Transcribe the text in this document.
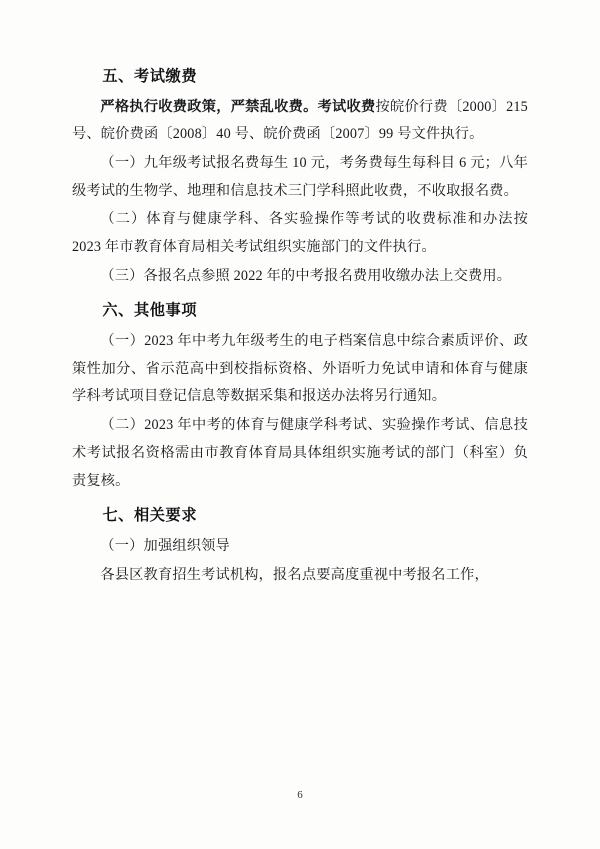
五、考试缴费

严格执行收费政策，严禁乱收费。考试收费按皖价行费〔2000〕215 号、皖价费函〔2008〕40 号、皖价费函〔2007〕99 号文件执行。

（一）九年级考试报名费每生 10 元，考务费每生每科目 6 元；八年级考试的生物学、地理和信息技术三门学科照此收费，不收取报名费。

（二）体育与健康学科、各实验操作等考试的收费标准和办法按 2023 年市教育体育局相关考试组织实施部门的文件执行。

（三）各报名点参照 2022 年的中考报名费用收缴办法上交费用。

六、其他事项

（一）2023 年中考九年级考生的电子档案信息中综合素质评价、政策性加分、省示范高中到校指标资格、外语听力免试申请和体育与健康学科考试项目登记信息等数据采集和报送办法将另行通知。

（二）2023 年中考的体育与健康学科考试、实验操作考试、信息技术考试报名资格需由市教育体育局具体组织实施考试的部门（科室）负责复核。

七、相关要求

（一）加强组织领导

各县区教育招生考试机构，报名点要高度重视中考报名工作，

6
